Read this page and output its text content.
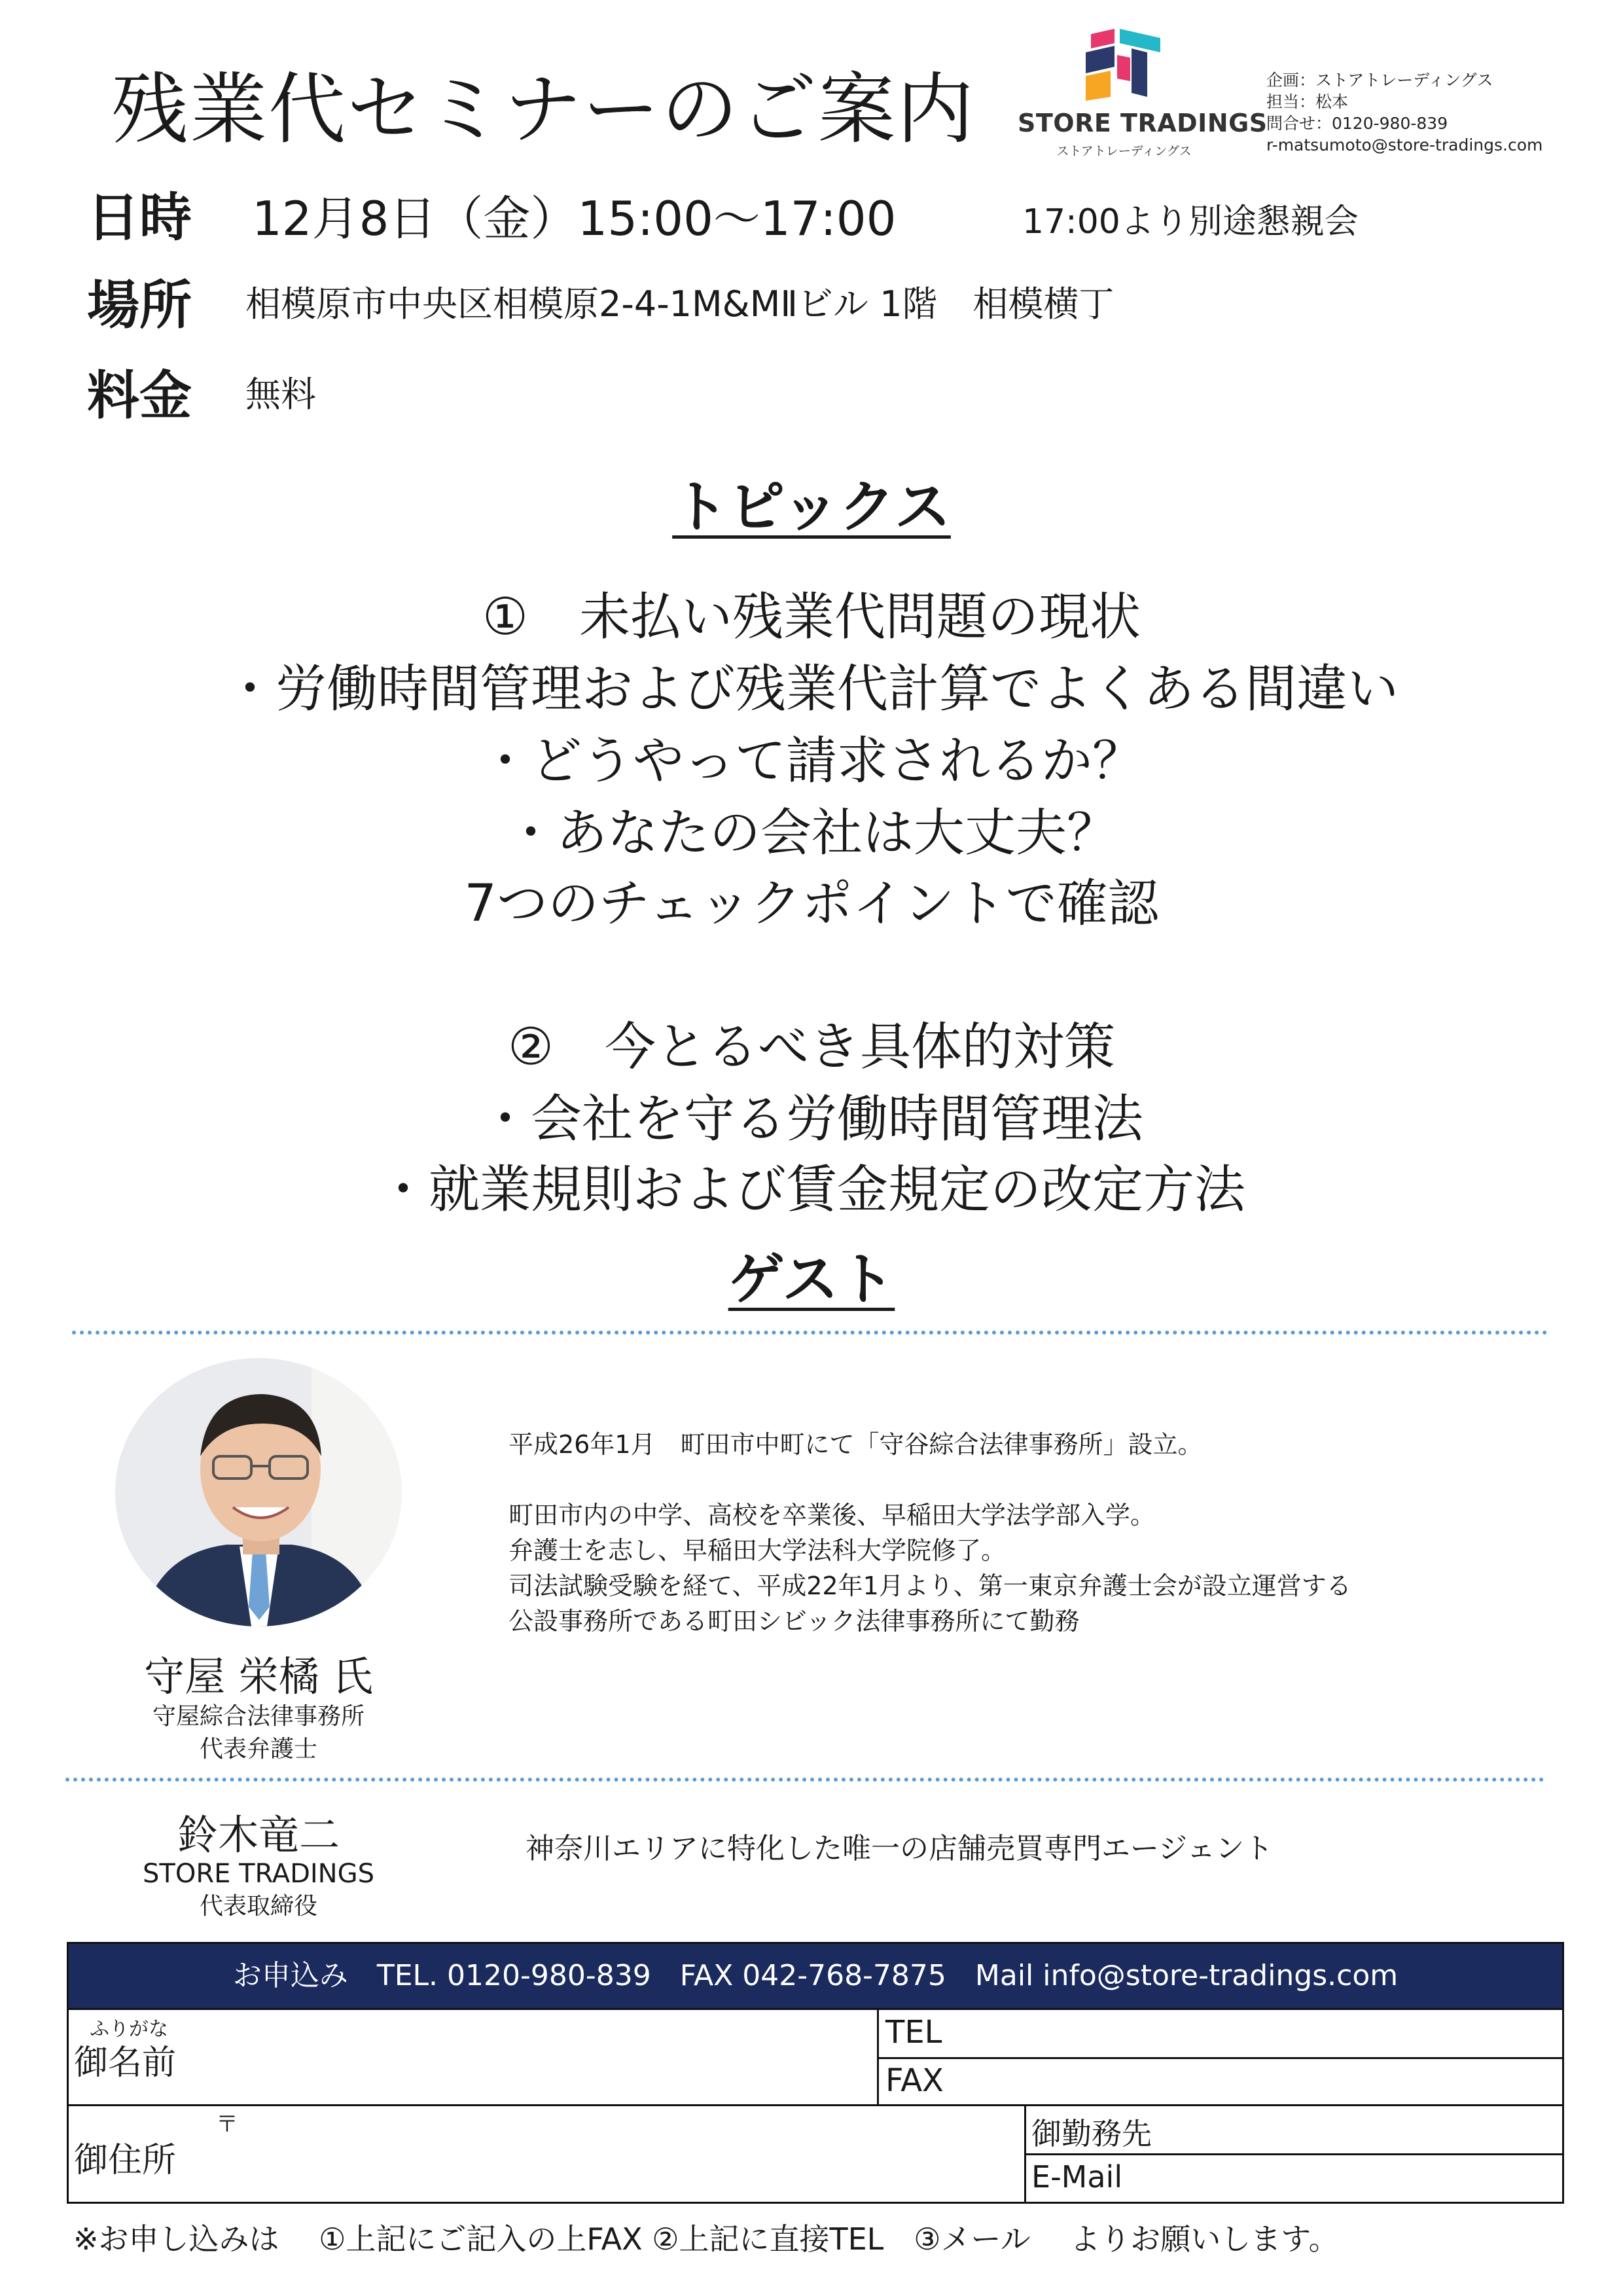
残業代セミナーのご案内 STORE TRADINGS
ストアトレーディングス
企画：ストアトレーディングス
担当：松本
問合せ：0120-980-839
r-matsumoto@store-tradings.com
日時 12月8日（金）15:00～17:00	17:00より別途懇親会
場所 相模原市中央区相模原2-4-1M&MⅡビル 1階　相模横丁
料金 無料
トピックス
①　未払い残業代問題の現状
・労働時間管理および残業代計算でよくある間違い
・どうやって請求されるか？
・あなたの会社は大丈夫？
7つのチェックポイントで確認
②　今とるべき具体的対策
・会社を守る労働時間管理法
・就業規則および賃金規定の改定方法
ゲスト
守屋 栄橘 氏
守屋綜合法律事務所
代表弁護士
平成26年1月　町田市中町にて「守谷綜合法律事務所」設立。
町田市内の中学、高校を卒業後、早稲田大学法学部入学。
弁護士を志し、早稲田大学法科大学院修了。
司法試験受験を経て、平成22年1月より、第一東京弁護士会が設立運営する
公設事務所である町田シビック法律事務所にて勤務
鈴木竜二
STORE TRADINGS
代表取締役
神奈川エリアに特化した唯一の店舗売買専門エージェント
お申込み　TEL. 0120-980-839　FAX 042-768-7875　Mail info@store-tradings.com
ふりがな
御名前
TEL
FAX
〒
御住所
御勤務先
E-Mail
※お申し込みは　 ①上記にご記入の上FAX ②上記に直接TEL　③メール　 よりお願いします。
